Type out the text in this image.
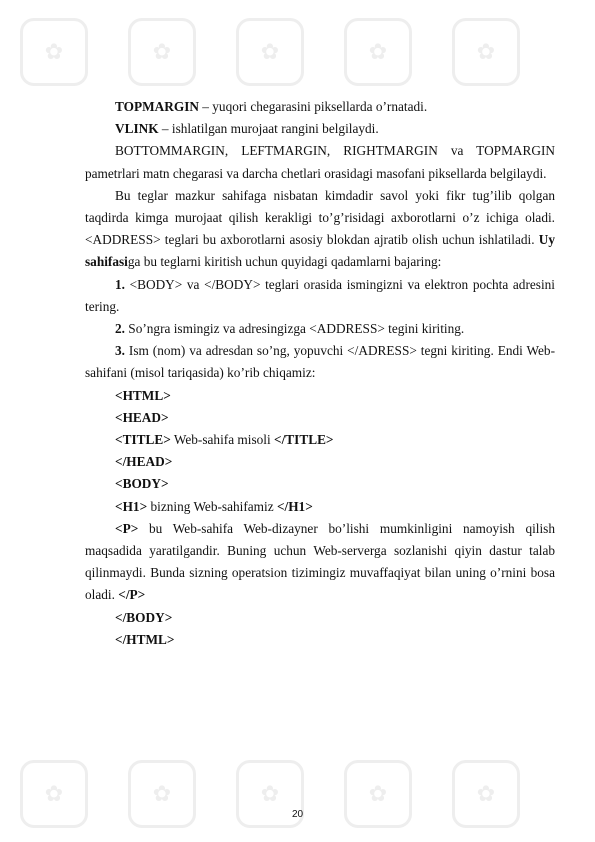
✿	✿	✿	✿	✿
✿	✿	✿	✿	✿

TOPMARGIN – yuqori chegarasini piksellarda o’rnatadi.

VLINK – ishlatilgan murojaat rangini belgilaydi.

BOTTOMMARGIN, LEFTMARGIN, RIGHTMARGIN va TOPMARGIN pametrlari matn chegarasi va darcha chetlari orasidagi masofani piksellarda belgilaydi.

Bu teglar mazkur sahifaga nisbatan kimdadir savol yoki fikr tug’ilib qolgan taqdirda kimga murojaat qilish kerakligi to’g’risidagi axborotlarni o’z ichiga oladi. <ADDRESS> teglari bu axborotlarni asosiy blokdan ajratib olish uchun ishlatiladi. Uy sahifasiga bu teglarni kiritish uchun quyidagi qadamlarni bajaring:

1. <BODY> va </BODY> teglari orasida ismingizni va elektron pochta adresini tering.

2. So’ngra ismingiz va adresingizga <ADDRESS> tegini kiriting.

3. Ism (nom) va adresdan so’ng, yopuvchi </ADRESS> tegni kiriting. Endi Web-sahifani (misol tariqasida) ko’rib chiqamiz:

<HTML>

<HEAD>

<TITLE> Web-sahifa misoli </TITLE>

</HEAD>

<BODY>

<H1> bizning Web-sahifamiz </H1>

<P> bu Web-sahifa Web-dizayner bo’lishi mumkinligini namoyish qilish maqsadida yaratilgandir. Buning uchun Web-serverga sozlanishi qiyin dastur talab qilinmaydi. Bunda sizning operatsion tizimingiz muvaffaqiyat bilan uning o’rnini bosa oladi. </P>

</BODY>

</HTML>

20
